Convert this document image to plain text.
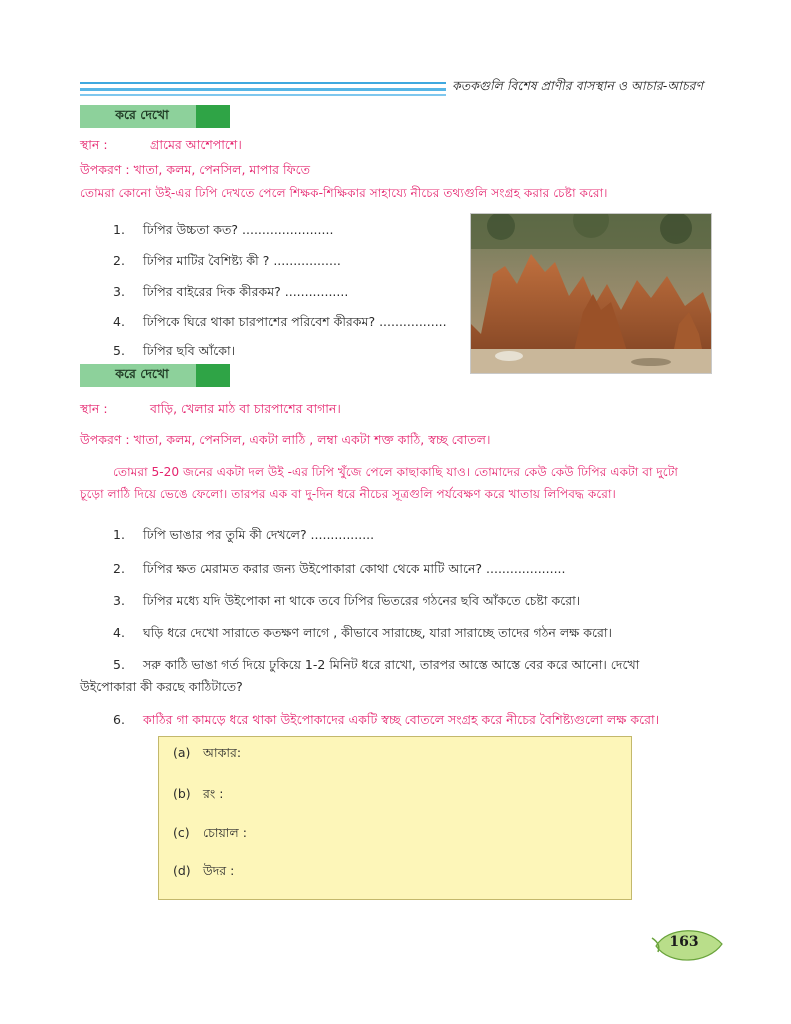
কতকগুলি বিশেষ প্রাণীর বাসস্থান ও আচার-আচরণ
করে দেখো
স্থান :	গ্রামের আশেপাশে।
উপকরণ : খাতা, কলম, পেনসিল, মাপার ফিতে
তোমরা কোনো উই-এর ঢিপি দেখতে পেলে শিক্ষক-শিক্ষিকার সাহায্যে নীচের তথ্যগুলি সংগ্রহ করার চেষ্টা করো।
1. ঢিপির উচ্চতা কত? .......................
2. ঢিপির মাটির বৈশিষ্ট্য কী ? .................
3. ঢিপির বাইরের দিক কীরকম? ................
4. ঢিপিকে ঘিরে থাকা চারপাশের পরিবেশ কীরকম? .................
5. ঢিপির ছবি আঁকো।
করে দেখো
স্থান :	বাড়ি, খেলার মাঠ বা চারপাশের বাগান।
উপকরণ : খাতা, কলম, পেনসিল, একটা লাঠি , লম্বা একটা শক্ত কাঠি, স্বচ্ছ বোতল।
তোমরা 5-20 জনের একটা দল উই -এর ঢিপি খুঁজে পেলে কাছাকাছি যাও। তোমাদের কেউ কেউ ঢিপির একটা বা দুটো
চূড়ো লাঠি দিয়ে ভেঙে ফেলো। তারপর এক বা দু-দিন ধরে নীচের সূত্রগুলি পর্যবেক্ষণ করে খাতায় লিপিবদ্ধ করো।
1. ঢিপি ভাঙার পর তুমি কী দেখলে? ................
2. ঢিপির ক্ষত মেরামত করার জন্য উইপোকারা কোথা থেকে মাটি আনে? ....................
3. ঢিপির মধ্যে যদি উইপোকা না থাকে তবে ঢিপির ভিতরের গঠনের ছবি আঁকতে চেষ্টা করো।
4. ঘড়ি ধরে দেখো সারাতে কতক্ষণ লাগে , কীভাবে সারাচ্ছে, যারা সারাচ্ছে তাদের গঠন লক্ষ করো।
5. সরু কাঠি ভাঙা গর্ত দিয়ে ঢুকিয়ে 1-2 মিনিট ধরে রাখো, তারপর আস্তে আস্তে বের করে আনো। দেখো
উইপোকারা কী করছে কাঠিটাতে?
6. কাঠির গা কামড়ে ধরে থাকা উইপোকাদের একটি স্বচ্ছ বোতলে সংগ্রহ করে নীচের বৈশিষ্ট্যগুলো লক্ষ করো।
(a) আকার:
(b) রং :
(c) চোয়াল :
(d) উদর :
163
